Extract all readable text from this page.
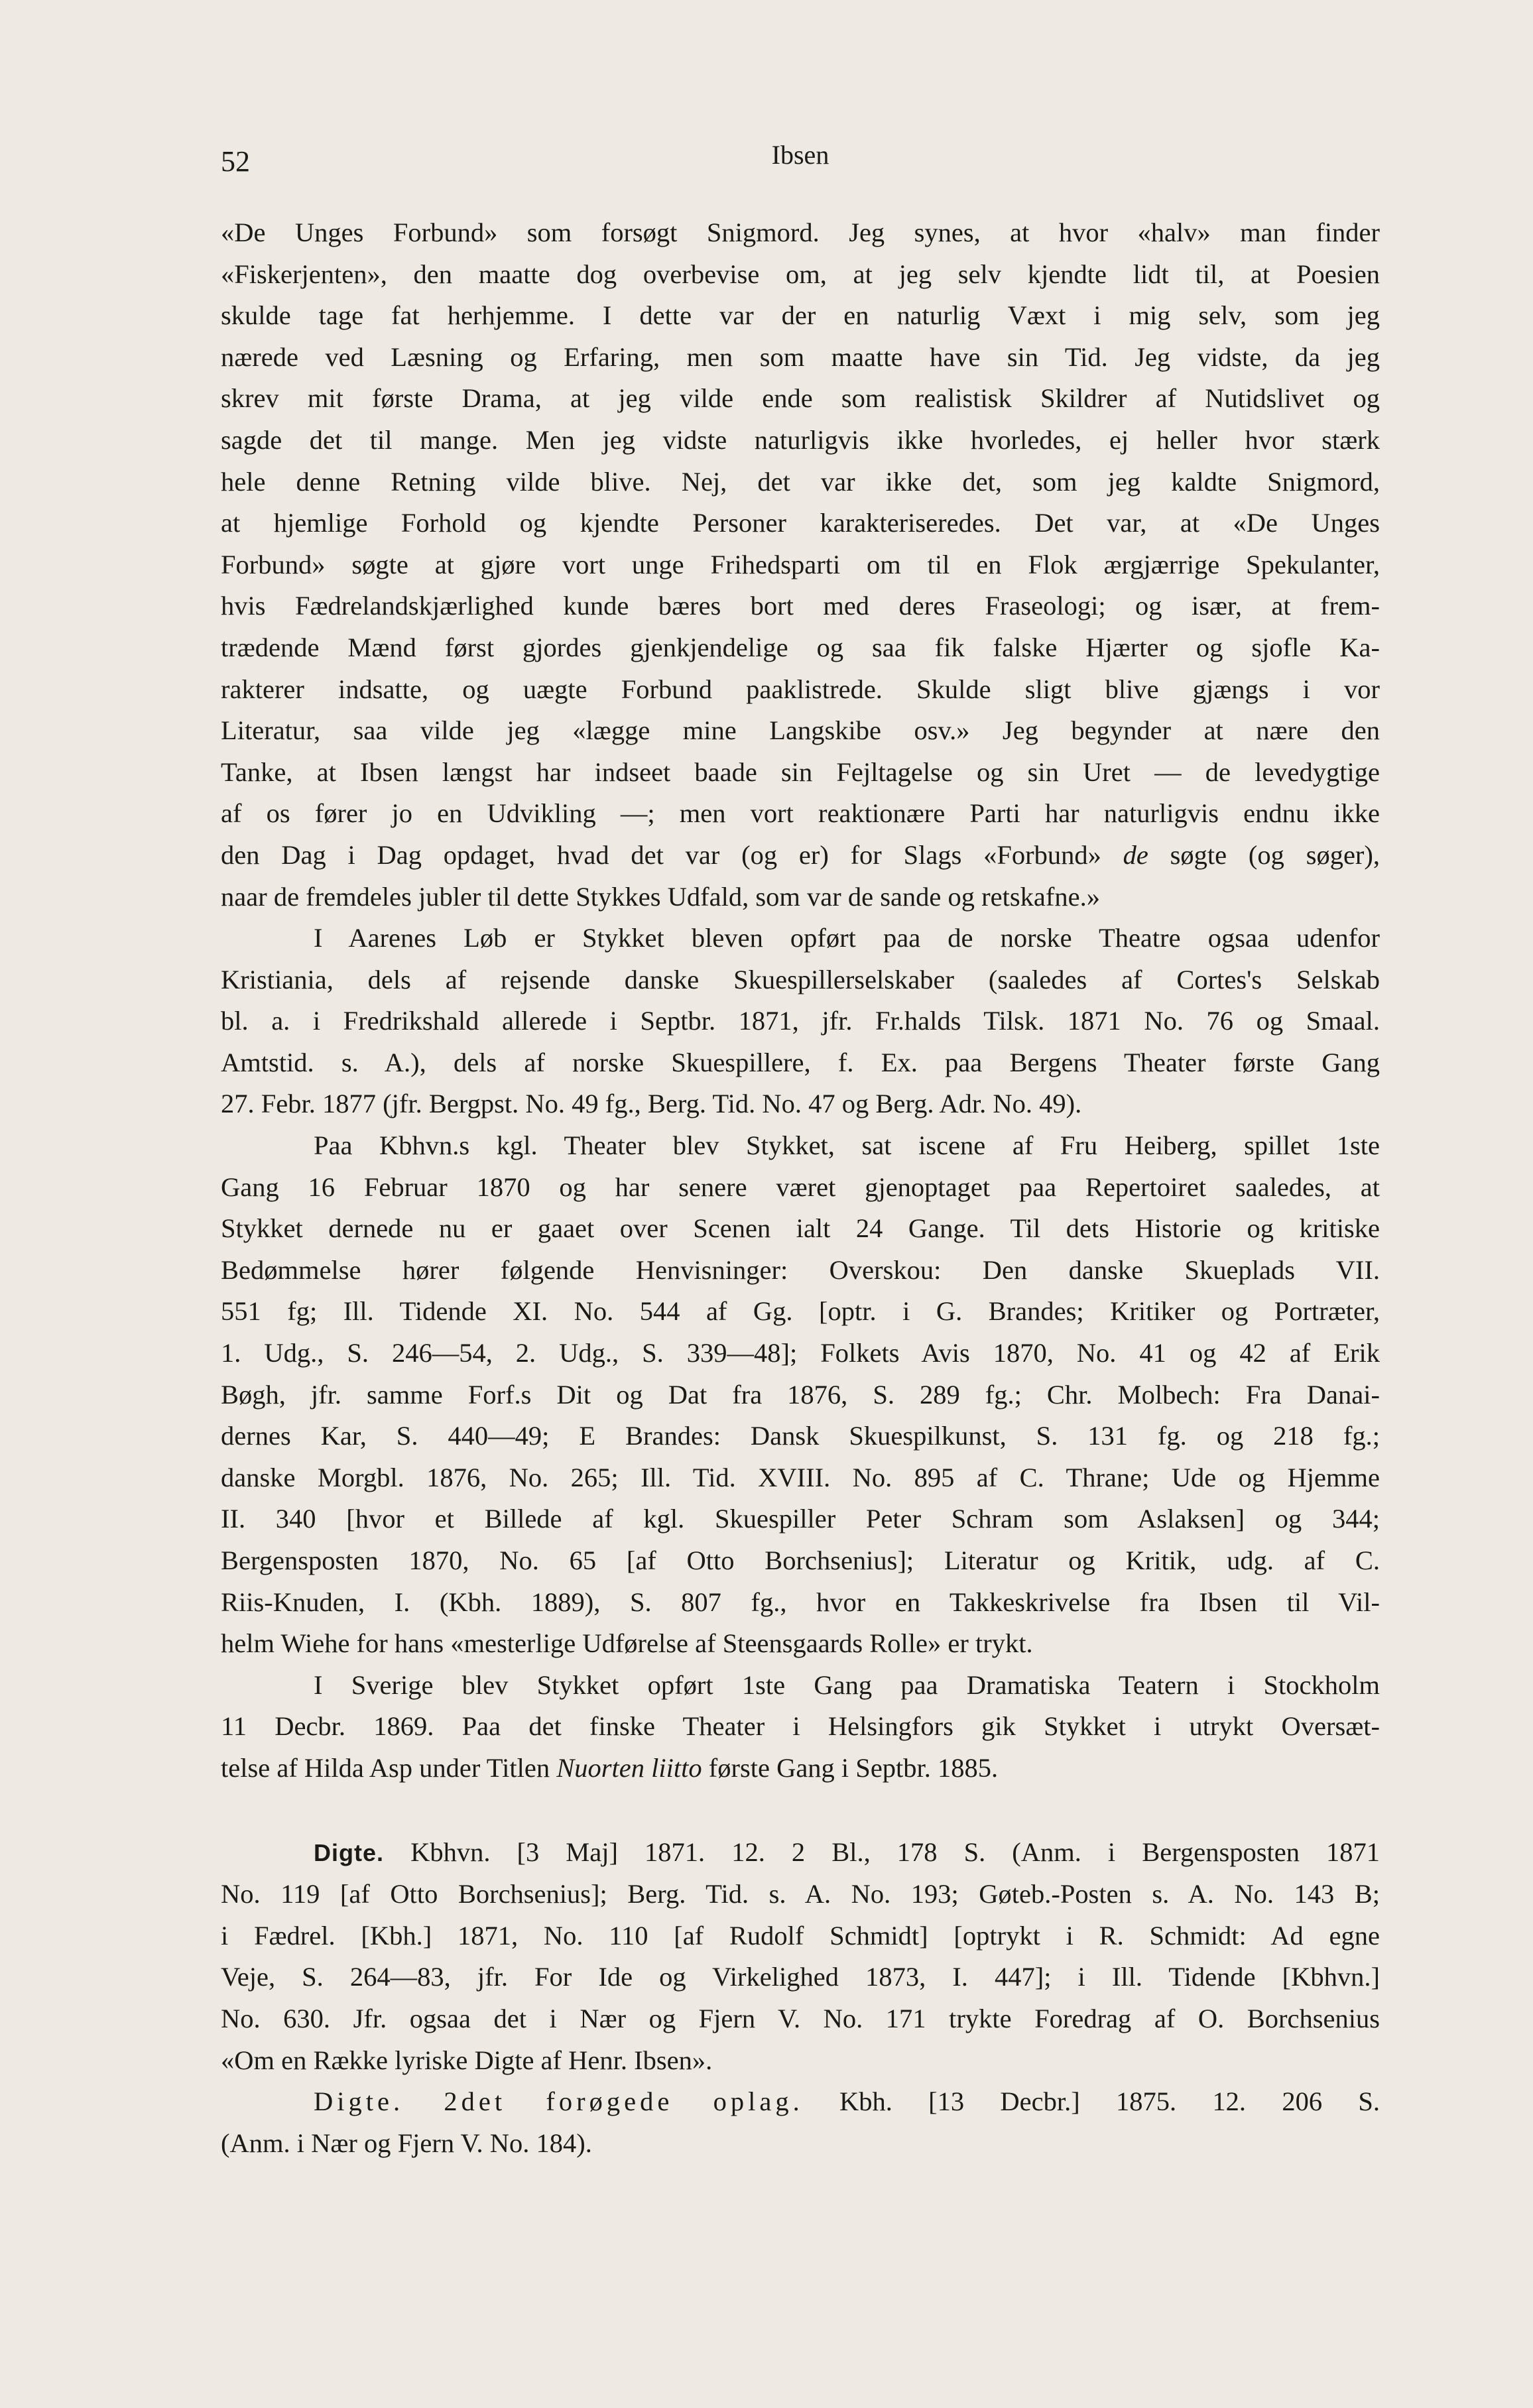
52	Ibsen

«De Unges Forbund» som forsøgt Snigmord. Jeg synes, at hvor «halv» man finder

«Fiskerjenten», den maatte dog overbevise om, at jeg selv kjendte lidt til, at Poesien

skulde tage fat herhjemme. I dette var der en naturlig Væxt i mig selv, som jeg

nærede ved Læsning og Erfaring, men som maatte have sin Tid. Jeg vidste, da jeg

skrev mit første Drama, at jeg vilde ende som realistisk Skildrer af Nutidslivet og

sagde det til mange. Men jeg vidste naturligvis ikke hvorledes, ej heller hvor stærk

hele denne Retning vilde blive. Nej, det var ikke det, som jeg kaldte Snigmord,

at hjemlige Forhold og kjendte Personer karakteriseredes. Det var, at «De Unges

Forbund» søgte at gjøre vort unge Frihedsparti om til en Flok ærgjærrige Spekulanter,

hvis Fædrelandskjærlighed kunde bæres bort med deres Fraseologi; og især, at frem-

trædende Mænd først gjordes gjenkjendelige og saa fik falske Hjærter og sjofle Ka-

rakterer indsatte, og uægte Forbund paaklistrede. Skulde sligt blive gjængs i vor

Literatur, saa vilde jeg «lægge mine Langskibe osv.» Jeg begynder at nære den

Tanke, at Ibsen længst har indseet baade sin Fejltagelse og sin Uret — de levedygtige

af os fører jo en Udvikling —; men vort reaktionære Parti har naturligvis endnu ikke

den Dag i Dag opdaget, hvad det var (og er) for Slags «Forbund» de søgte (og søger),

naar de fremdeles jubler til dette Stykkes Udfald, som var de sande og retskafne.»

I Aarenes Løb er Stykket bleven opført paa de norske Theatre ogsaa udenfor

Kristiania, dels af rejsende danske Skuespillerselskaber (saaledes af Cortes's Selskab

bl. a. i Fredrikshald allerede i Septbr. 1871, jfr. Fr.halds Tilsk. 1871 No. 76 og Smaal.

Amtstid. s. A.), dels af norske Skuespillere, f. Ex. paa Bergens Theater første Gang

27. Febr. 1877 (jfr. Bergpst. No. 49 fg., Berg. Tid. No. 47 og Berg. Adr. No. 49).

Paa Kbhvn.s kgl. Theater blev Stykket, sat iscene af Fru Heiberg, spillet 1ste

Gang 16 Februar 1870 og har senere været gjenoptaget paa Repertoiret saaledes, at

Stykket dernede nu er gaaet over Scenen ialt 24 Gange. Til dets Historie og kritiske

Bedømmelse hører følgende Henvisninger: Overskou: Den danske Skueplads VII.

551 fg; Ill. Tidende XI. No. 544 af Gg. [optr. i G. Brandes; Kritiker og Portræter,

1. Udg., S. 246—54, 2. Udg., S. 339—48]; Folkets Avis 1870, No. 41 og 42 af Erik

Bøgh, jfr. samme Forf.s Dit og Dat fra 1876, S. 289 fg.; Chr. Molbech: Fra Danai-

dernes Kar, S. 440—49; E Brandes: Dansk Skuespilkunst, S. 131 fg. og 218 fg.;

danske Morgbl. 1876, No. 265; Ill. Tid. XVIII. No. 895 af C. Thrane; Ude og Hjemme

II. 340 [hvor et Billede af kgl. Skuespiller Peter Schram som Aslaksen] og 344;

Bergensposten 1870, No. 65 [af Otto Borchsenius]; Literatur og Kritik, udg. af C.

Riis-Knuden, I. (Kbh. 1889), S. 807 fg., hvor en Takkeskrivelse fra Ibsen til Vil-

helm Wiehe for hans «mesterlige Udførelse af Steensgaards Rolle» er trykt.

I Sverige blev Stykket opført 1ste Gang paa Dramatiska Teatern i Stockholm

11 Decbr. 1869. Paa det finske Theater i Helsingfors gik Stykket i utrykt Oversæt-

telse af Hilda Asp under Titlen Nuorten liitto første Gang i Septbr. 1885.

Digte. Kbhvn. [3 Maj] 1871. 12. 2 Bl., 178 S. (Anm. i Bergensposten 1871

No. 119 [af Otto Borchsenius]; Berg. Tid. s. A. No. 193; Gøteb.-Posten s. A. No. 143 B;

i Fædrel. [Kbh.] 1871, No. 110 [af Rudolf Schmidt] [optrykt i R. Schmidt: Ad egne

Veje, S. 264—83, jfr. For Ide og Virkelighed 1873, I. 447]; i Ill. Tidende [Kbhvn.]

No. 630. Jfr. ogsaa det i Nær og Fjern V. No. 171 trykte Foredrag af O. Borchsenius

«Om en Række lyriske Digte af Henr. Ibsen».

Digte. 2det forøgede oplag. Kbh. [13 Decbr.] 1875. 12. 206 S.

(Anm. i Nær og Fjern V. No. 184).
